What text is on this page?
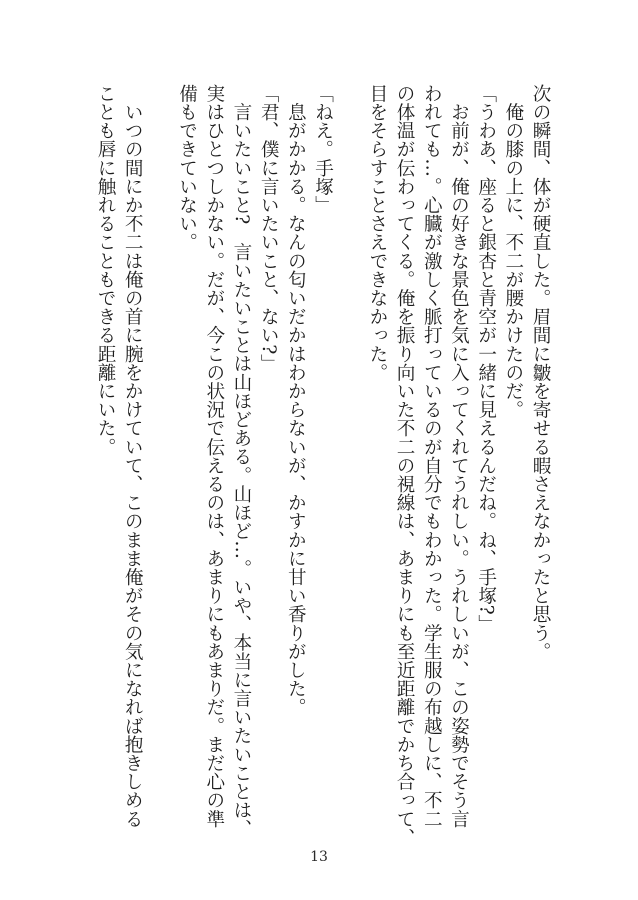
次の瞬間、体が硬直した。眉間に皺を寄せる暇さえなかったと思う。
　俺の膝の上に、不二が腰かけたのだ。
「うわあ、座ると銀杏と青空が一緒に見えるんだね。ね、手塚?」
　お前が、俺の好きな景色を気に入ってくれてうれしい。うれしいが、この姿勢でそう言
われても…。心臓が激しく脈打っているのが自分でもわかった。学生服の布越しに、不二
の体温が伝わってくる。俺を振り向いた不二の視線は、あまりにも至近距離でかち合って、
目をそらすことさえできなかった。
「ねえ。手塚」
　息がかかる。なんの匂いだかはわからないが、かすかに甘い香りがした。
「君、僕に言いたいこと、ない?」
　言いたいこと?　言いたいことは山ほどある。山ほど…。いや、本当に言いたいことは、
実はひとつしかない。だが、今この状況で伝えるのは、あまりにもあまりだ。まだ心の準
備もできていない。
　いつの間にか不二は俺の首に腕をかけていて、このまま俺がその気になれば抱きしめる
ことも唇に触れることもできる距離にいた。
13
